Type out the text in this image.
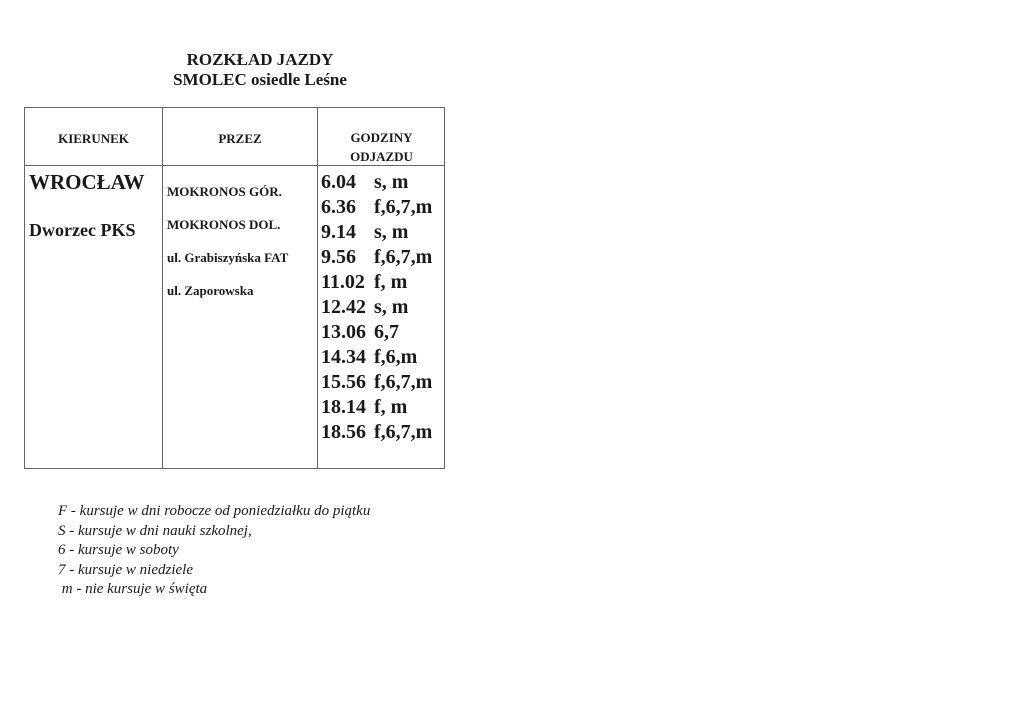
ROZKŁAD JAZDY
SMOLEC osiedle Leśne
KIERUNEK	PRZEZ	GODZINY
ODJAZDU
WROCŁAW
Dworzec PKS
MOKRONOS GÓR.
MOKRONOS DOL.
ul. Grabiszyńska FAT
ul. Zaporowska
6.04 s, m
6.36 f,6,7,m
9.14 s, m
9.56 f,6,7,m
11.02 f, m
12.42 s, m
13.06 6,7
14.34 f,6,m
15.56 f,6,7,m
18.14 f, m
18.56 f,6,7,m
F - kursuje w dni robocze od poniedziałku do piątku
S - kursuje w dni nauki szkolnej,
6 - kursuje w soboty
7 - kursuje w niedziele
m - nie kursuje w święta
